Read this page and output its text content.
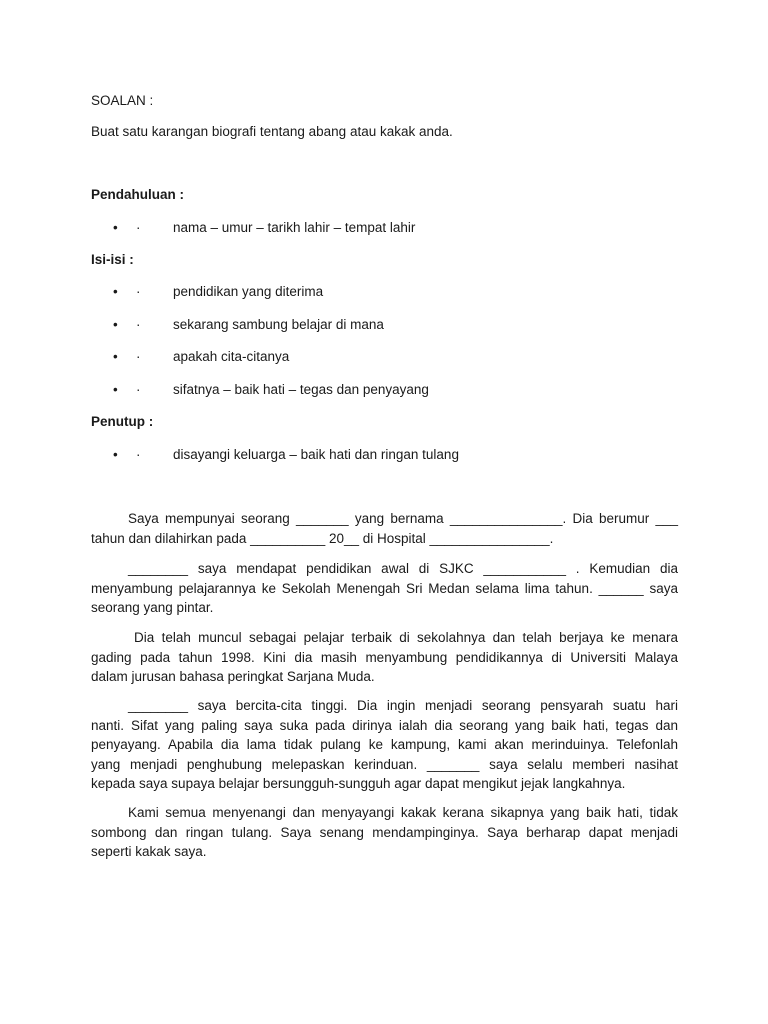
SOALAN :
Buat satu karangan biografi tentang abang atau kakak anda.
Pendahuluan :
• · nama – umur – tarikh lahir – tempat lahir
Isi-isi :
• · pendidikan yang diterima
• · sekarang sambung belajar di mana
• · apakah cita-citanya
• · sifatnya – baik hati – tegas dan penyayang
Penutup :
• · disayangi keluarga – baik hati dan ringan tulang
Saya mempunyai seorang _______ yang bernama _______________. Dia berumur ___
tahun dan dilahirkan pada __________ 20__ di Hospital ________________.
________ saya mendapat pendidikan awal di SJKC ___________ . Kemudian dia
menyambung pelajarannya ke Sekolah Menengah Sri Medan selama lima tahun. ______ saya
seorang yang pintar.
Dia telah muncul sebagai pelajar terbaik di sekolahnya dan telah berjaya ke menara
gading pada tahun 1998. Kini dia masih menyambung pendidikannya di Universiti Malaya
dalam jurusan bahasa peringkat Sarjana Muda.
________ saya bercita-cita tinggi. Dia ingin menjadi seorang pensyarah suatu hari
nanti. Sifat yang paling saya suka pada dirinya ialah dia seorang yang baik hati, tegas dan
penyayang. Apabila dia lama tidak pulang ke kampung, kami akan merinduinya. Telefonlah
yang menjadi penghubung melepaskan kerinduan. _______ saya selalu memberi nasihat
kepada saya supaya belajar bersungguh-sungguh agar dapat mengikut jejak langkahnya.
Kami semua menyenangi dan menyayangi kakak kerana sikapnya yang baik hati, tidak
sombong dan ringan tulang. Saya senang mendampinginya. Saya berharap dapat menjadi
seperti kakak saya.
